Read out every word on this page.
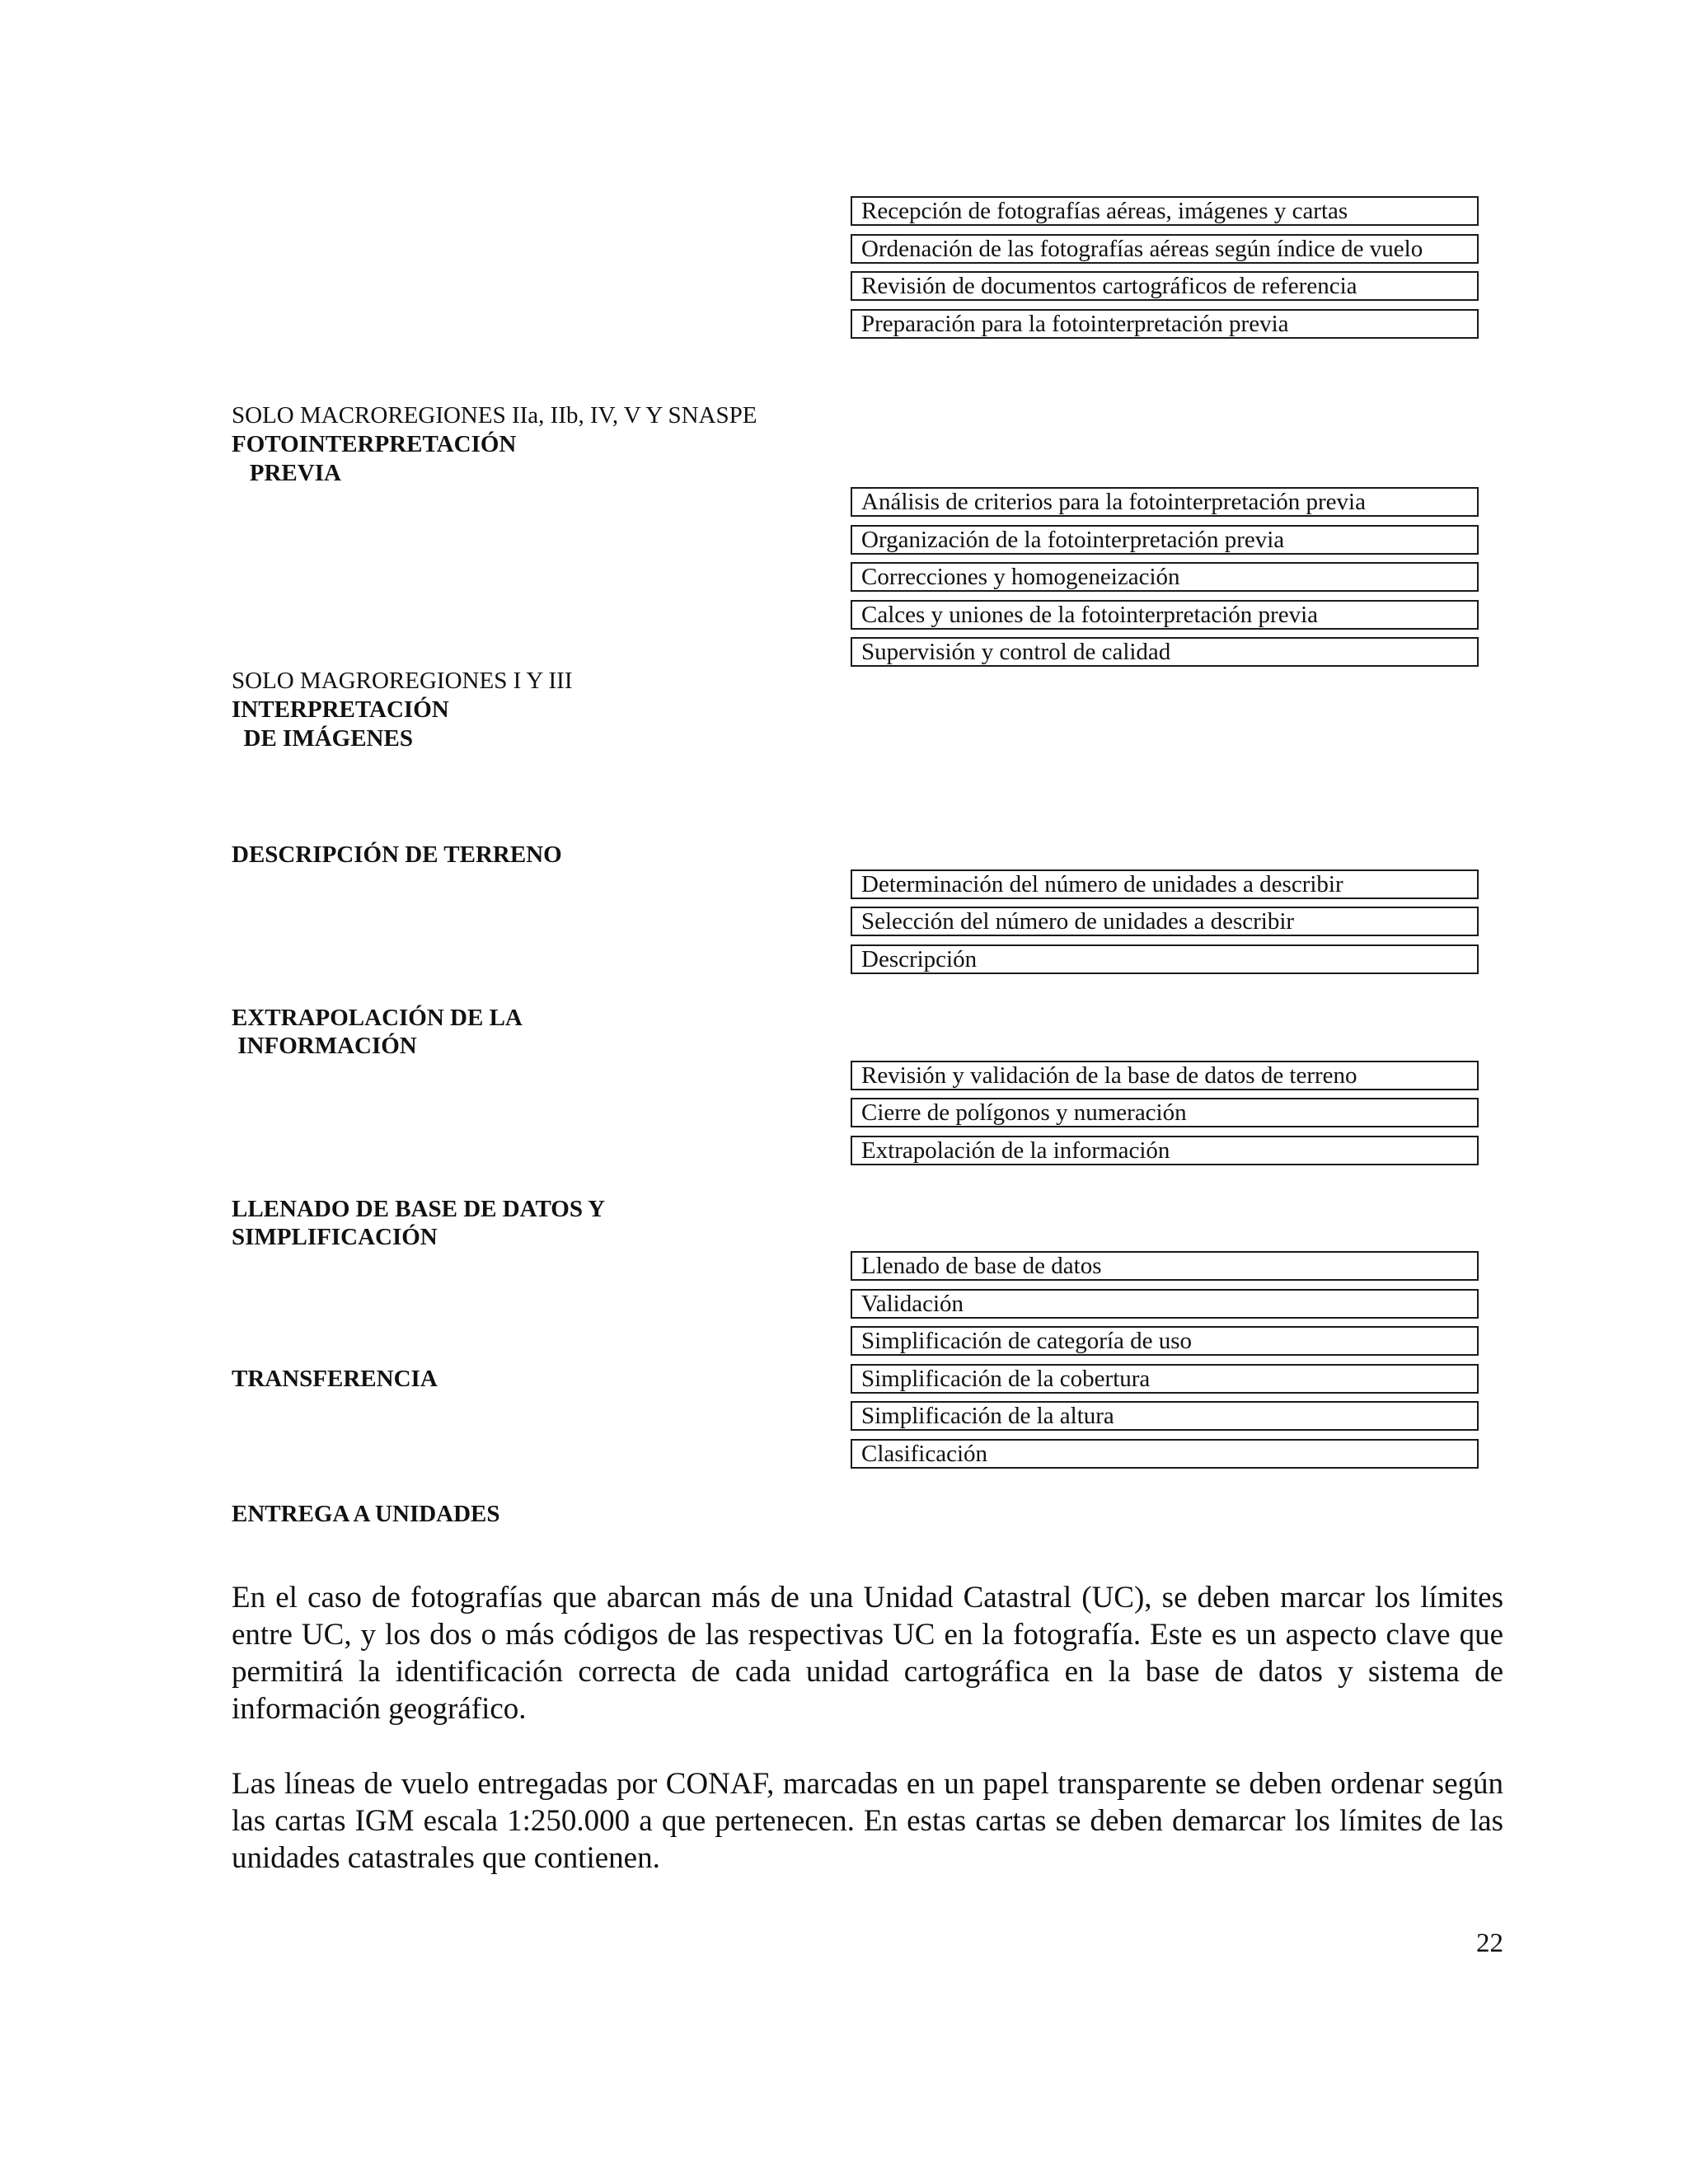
Recepción de fotografías aéreas, imágenes y cartas
Ordenación de las fotografías aéreas según índice de vuelo
Revisión de documentos cartográficos de referencia
Preparación para la fotointerpretación previa
SOLO MACROREGIONES IIa, IIb, IV, V Y SNASPE
FOTOINTERPRETACIÓN
PREVIA
Análisis de criterios para la fotointerpretación previa
Organización de la fotointerpretación previa
Correcciones y homogeneización
Calces y uniones de la fotointerpretación previa
Supervisión y control de calidad
SOLO MAGROREGIONES I Y III
INTERPRETACIÓN
DE IMÁGENES
DESCRIPCIÓN DE TERRENO
Determinación del número de unidades a describir
Selección del número de unidades a describir
Descripción
EXTRAPOLACIÓN DE LA
INFORMACIÓN
Revisión y validación de la base de datos de terreno
Cierre de polígonos y numeración
Extrapolación de la información
LLENADO DE BASE DE DATOS Y
SIMPLIFICACIÓN
Llenado de base de datos
Validación
Simplificación de categoría de uso
Simplificación de la cobertura
Simplificación de la altura
Clasificación
TRANSFERENCIA
ENTREGA A UNIDADES

En el caso de fotografías que abarcan más de una Unidad Catastral (UC), se deben marcar los límites entre UC, y los dos o más códigos de las respectivas UC en la fotografía. Este es un aspecto clave que permitirá la identificación correcta de cada unidad cartográfica en la base de datos y sistema de información geográfico.

Las líneas de vuelo entregadas por CONAF, marcadas en un papel transparente se deben ordenar según las cartas IGM escala 1:250.000 a que pertenecen. En estas cartas se deben demarcar los límites de las unidades catastrales que contienen.

22
